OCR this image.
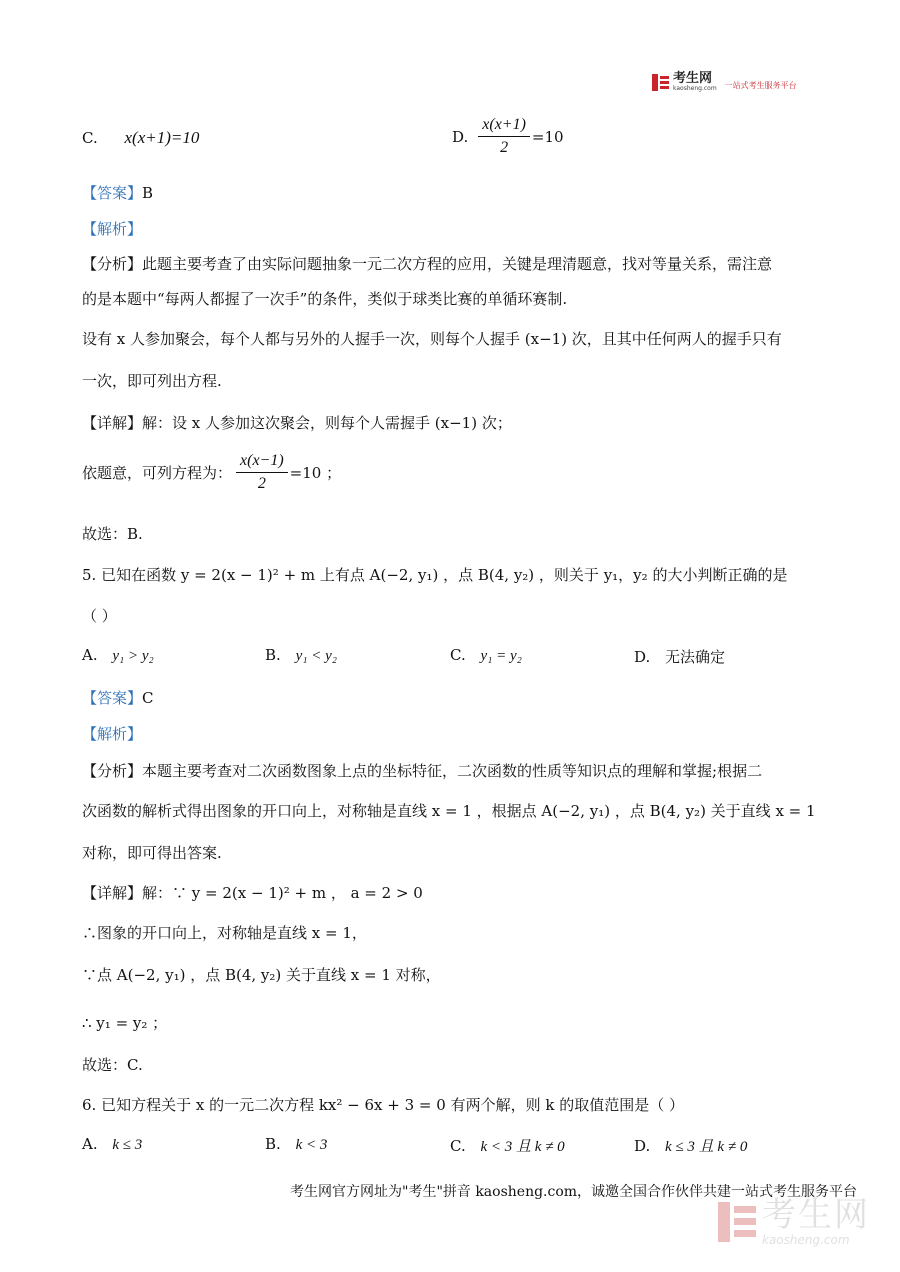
考生网
kaosheng.com 一站式考生服务平台
C. x(x+1)=10	D. $\frac{x(x+1)}{2} =10$
【答案】B
【解析】
【分析】此题主要考查了由实际问题抽象一元二次方程的应用，关键是理清题意，找对等量关系，需注意
的是本题中“每两人都握了一次手”的条件，类似于球类比赛的单循环赛制.
设有 x 人参加聚会，每个人都与另外的人握手一次，则每个人握手 (x−1) 次，且其中任何两人的握手只有
一次，即可列出方程.
【详解】解：设 x 人参加这次聚会，则每个人需握手 (x−1) 次；
依题意，可列方程为： $\frac{x(x-1)}{2} =10$ ；
故选：B.
5. 已知在函数 y = 2(x − 1)² + m 上有点 A(−2, y₁) ，点 B(4, y₂) ，则关于 y₁，y₂ 的大小判断正确的是
（ ）
A. y₁ > y₂	B. y₁ < y₂	C. y₁ = y₂	D. 无法确定
【答案】C
【解析】
【分析】本题主要考查对二次函数图象上点的坐标特征，二次函数的性质等知识点的理解和掌握;根据二
次函数的解析式得出图象的开口向上，对称轴是直线 x = 1 ，根据点 A(−2, y₁) ，点 B(4, y₂) 关于直线 x = 1
对称，即可得出答案.
【详解】解：∵ y = 2(x − 1)² + m ， a = 2 > 0
∴图象的开口向上，对称轴是直线 x = 1，
∵点 A(−2, y₁) ，点 B(4, y₂) 关于直线 x = 1 对称，
∴ y₁ = y₂ ；
故选：C.
6. 已知方程关于 x 的一元二次方程 kx² − 6x + 3 = 0 有两个解，则 k 的取值范围是（ ）
A. k ≤ 3	B. k < 3	C. k < 3 且 k ≠ 0	D. k ≤ 3 且 k ≠ 0
考生网官方网址为"考生"拼音 kaosheng.com，诚邀全国合作伙伴共建一站式考生服务平台
考生网
kaosheng.com
